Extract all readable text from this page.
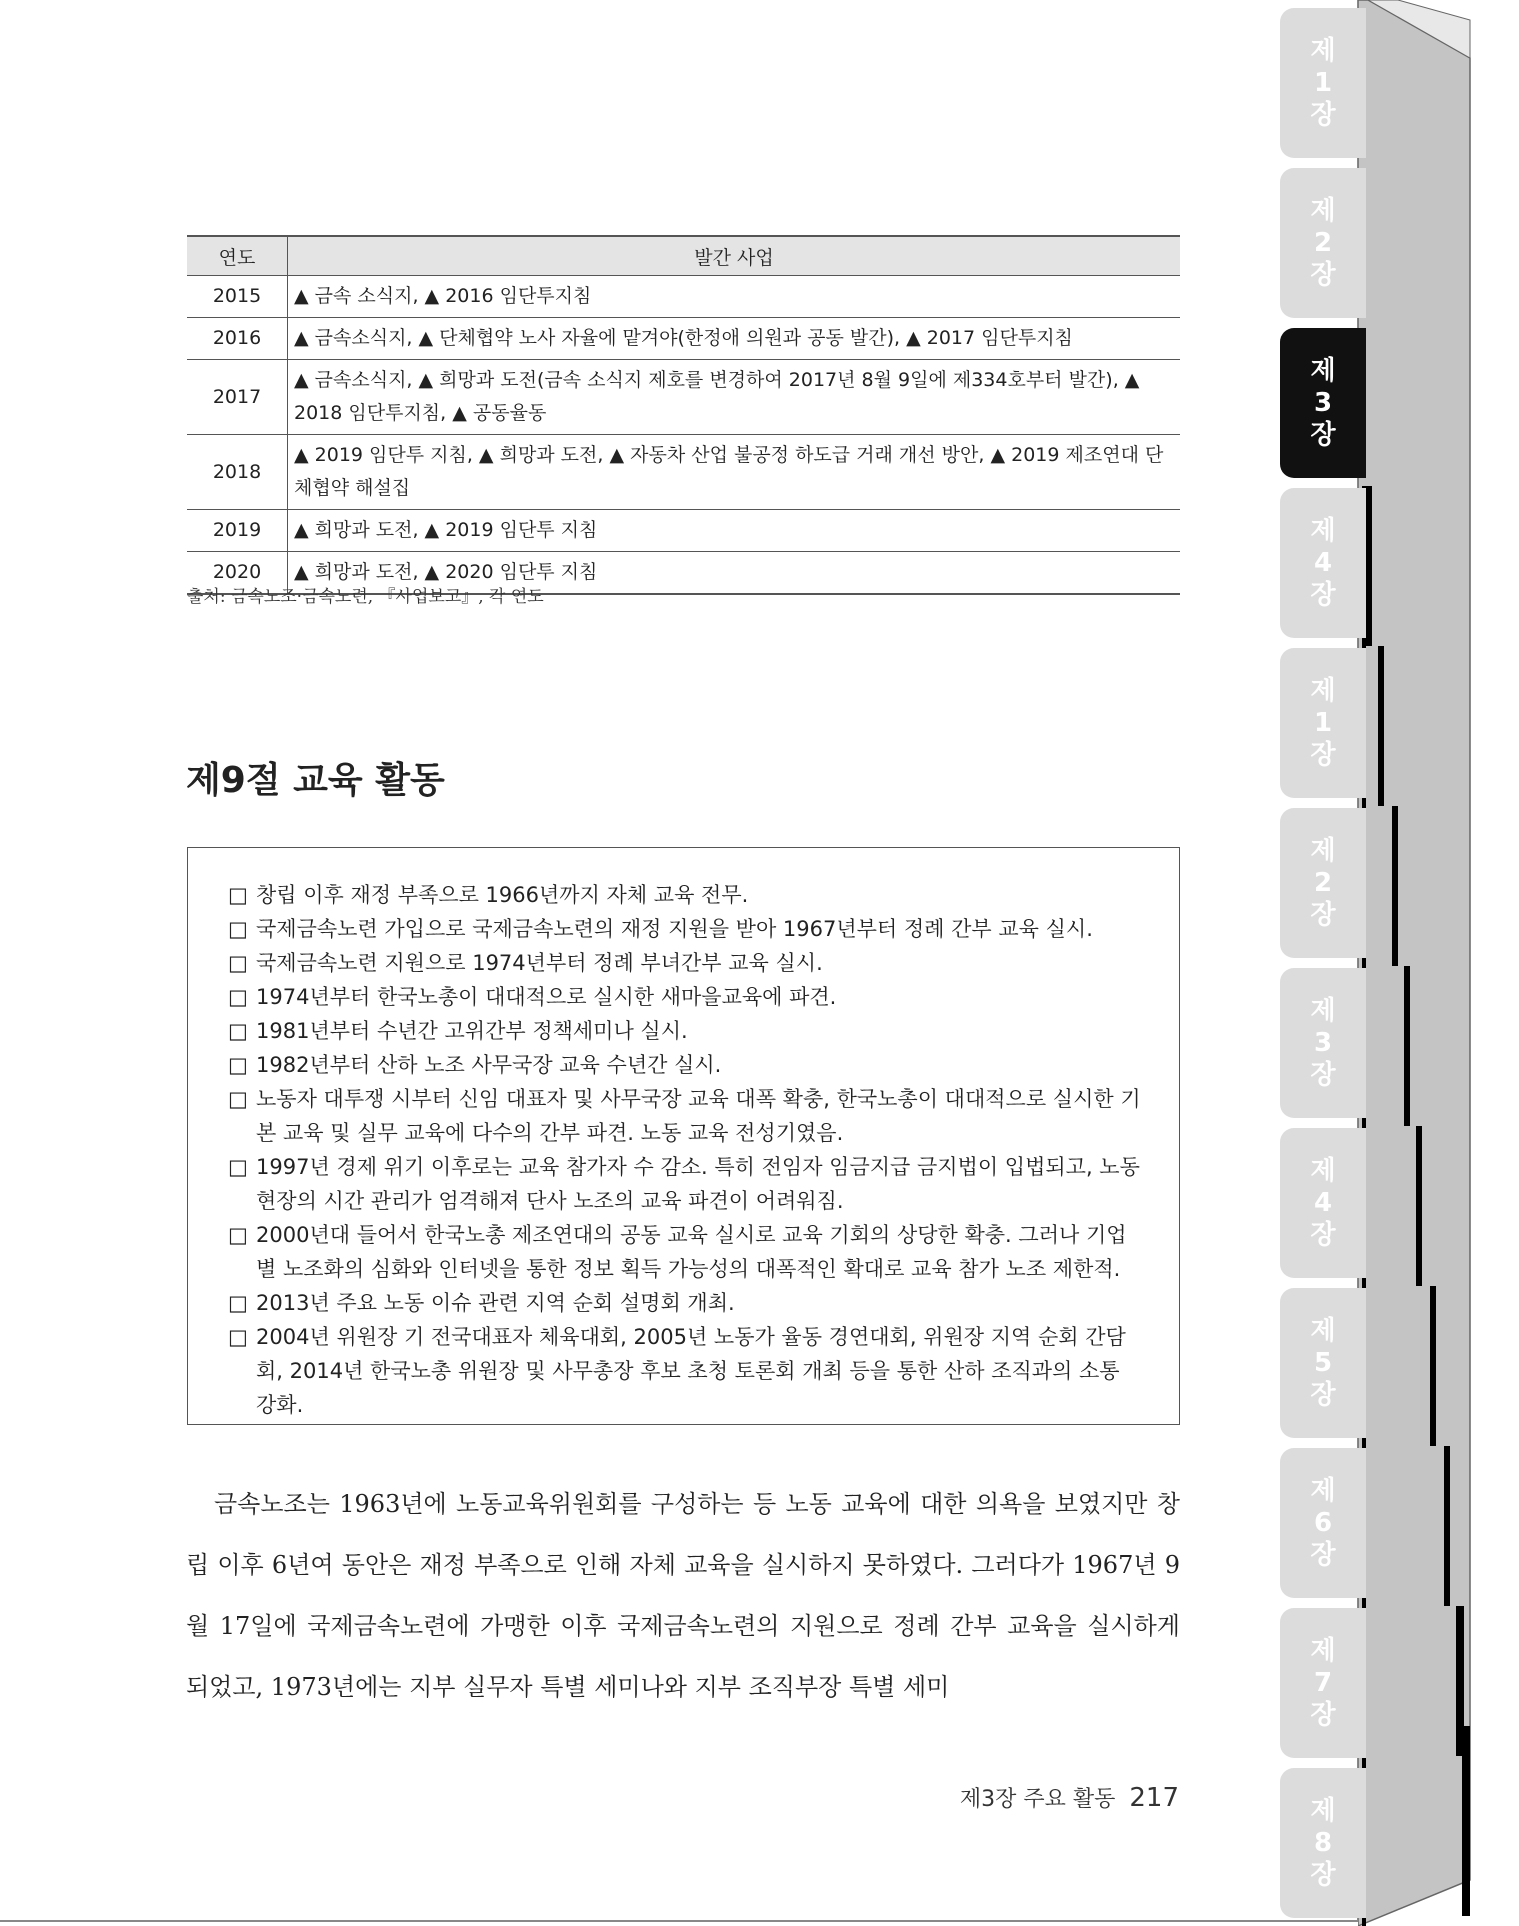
제
1
장
제
2
장
제
3
장
제
4
장
제
1
장
제
2
장
제
3
장
제
4
장
제
5
장
제
6
장
제
7
장
제
8
장
연도	발간 사업
2015	▲ 금속 소식지, ▲ 2016 임단투지침
2016	▲ 금속소식지, ▲ 단체협약 노사 자율에 맡겨야(한정애 의원과 공동 발간), ▲ 2017 임단투지침
2017	▲ 금속소식지, ▲ 희망과 도전(금속 소식지 제호를 변경하여 2017년 8월 9일에 제334호부터 발간), ▲ 2018 임단투지침, ▲ 공동율동
2018	▲ 2019 임단투 지침, ▲ 희망과 도전, ▲ 자동차 산업 불공정 하도급 거래 개선 방안, ▲ 2019 제조연대 단체협약 해설집
2019	▲ 희망과 도전, ▲ 2019 임단투 지침
2020	▲ 희망과 도전, ▲ 2020 임단투 지침
출처: 금속노조·금속노련, 『사업보고』, 각 연도
제9절 교육 활동
□ 창립 이후 재정 부족으로 1966년까지 자체 교육 전무.
□ 국제금속노련 가입으로 국제금속노련의 재정 지원을 받아 1967년부터 정례 간부 교육 실시.
□ 국제금속노련 지원으로 1974년부터 정례 부녀간부 교육 실시.
□ 1974년부터 한국노총이 대대적으로 실시한 새마을교육에 파견.
□ 1981년부터 수년간 고위간부 정책세미나 실시.
□ 1982년부터 산하 노조 사무국장 교육 수년간 실시.
□ 노동자 대투쟁 시부터 신임 대표자 및 사무국장 교육 대폭 확충, 한국노총이 대대적으로 실시한 기본 교육 및 실무 교육에 다수의 간부 파견. 노동 교육 전성기였음.
□ 1997년 경제 위기 이후로는 교육 참가자 수 감소. 특히 전임자 임금지급 금지법이 입법되고, 노동 현장의 시간 관리가 엄격해져 단사 노조의 교육 파견이 어려워짐.
□ 2000년대 들어서 한국노총 제조연대의 공동 교육 실시로 교육 기회의 상당한 확충. 그러나 기업별 노조화의 심화와 인터넷을 통한 정보 획득 가능성의 대폭적인 확대로 교육 참가 노조 제한적.
□ 2013년 주요 노동 이슈 관련 지역 순회 설명회 개최.
□ 2004년 위원장 기 전국대표자 체육대회, 2005년 노동가 율동 경연대회, 위원장 지역 순회 간담회, 2014년 한국노총 위원장 및 사무총장 후보 초청 토론회 개최 등을 통한 산하 조직과의 소통 강화.

금속노조는 1963년에 노동교육위원회를 구성하는 등 노동 교육에 대한 의욕을 보였지만 창립 이후 6년여 동안은 재정 부족으로 인해 자체 교육을 실시하지 못하였다. 그러다가 1967년 9월 17일에 국제금속노련에 가맹한 이후 국제금속노련의 지원으로 정례 간부 교육을 실시하게 되었고, 1973년에는 지부 실무자 특별 세미나와 지부 조직부장 특별 세미

제3장 주요 활동 217
